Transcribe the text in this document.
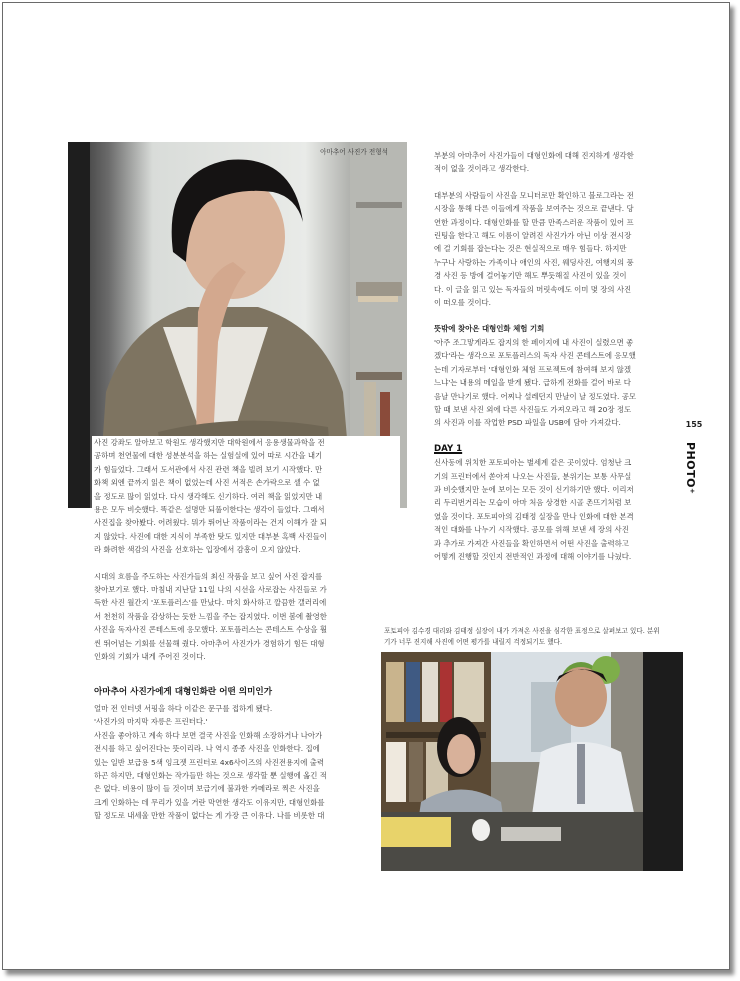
아마추어 사진가 전형석

사진 강좌도 알아보고 학원도 생각했지만 대학원에서 응용생물과학을 전
공하며 천연물에 대한 성분분석을 하는 실험실에 있어 따로 시간을 내기
가 힘들었다. 그래서 도서관에서 사진 관련 책을 빌려 보기 시작했다. 만
화책 외엔 끝까지 읽은 책이 없었는데 사진 서적은 손가락으로 셀 수 없
을 정도로 많이 읽었다. 다시 생각해도 신기하다. 여러 책을 읽었지만 내
용은 모두 비슷했다. 똑같은 설명만 되풀이한다는 생각이 들었다. 그래서
사진집을 찾아봤다. 어려웠다. 뭐가 뛰어난 작품이라는 건지 이해가 잘 되
지 않았다. 사진에 대한 지식이 부족한 탓도 있지만 대부분 흑백 사진들이
라 화려한 색감의 사진을 선호하는 입장에서 감흥이 오지 않았다.

시대의 흐름을 주도하는 사진가들의 최신 작품을 보고 싶어 사진 잡지를
찾아보기로 했다. 마침내 지난달 11일 나의 시선을 사로잡는 사진들로 가
득한 사진 월간지 '포토플러스'를 만났다. 마치 화사하고 깔끔한 갤러리에
서 천천히 작품을 감상하는 듯한 느낌을 주는 잡지였다. 이번 봄에 촬영한
사진을 독자사진 콘테스트에 응모했다. 포토플러스는 콘테스트 수상을 훨
씬 뛰어넘는 기회를 선물해 줬다. 아마추어 사진가가 경험하기 힘든 대형
인화의 기회가 내게 주어진 것이다.

아마추어 사진가에게 대형인화란 어떤 의미인가

얼마 전 인터넷 서핑을 하다 이같은 문구를 접하게 됐다.
'사진가의 마지막 자릉은 프린터다.'
사진을 좋아하고 계속 하다 보면 결국 사진을 인화해 소장하거나 나아가
전시를 하고 싶어진다는 뜻이리라. 나 역시 종종 사진을 인화한다. 집에
있는 일반 보급용 5색 잉크젯 프린터로 4x6사이즈의 사진전용지에 출력
하곤 하지만, 대형인화는 작가들만 하는 것으로 생각할 뿐 실행에 옮긴 적
은 없다. 비용이 많이 들 것이며 보급기에 불과한 카메라로 찍은 사진을
크게 인화하는 데 무리가 있을 거란 막연한 생각도 이유지만, 대형인화를
할 정도로 내세울 만한 작품이 없다는 게 가장 큰 이유다. 나를 비롯한 대

부분의 아마추어 사진가들이 대형인화에 대해 진지하게 생각한
적이 없을 것이라고 생각한다.

대부분의 사람들이 사진을 모니터로만 확인하고 블로그라는 전
시장을 통해 다른 이들에게 작품을 보여주는 것으로 끝낸다. 당
연한 과정이다. 대형인화를 할 만큼 만족스러운 작품이 있어 프
린팅을 한다고 해도 이름이 알려진 사진가가 아닌 이상 전시장
에 걸 기회를 잡는다는 것은 현실적으로 매우 힘들다. 하지만
누구나 사랑하는 가족이나 애인의 사진, 웨딩사진, 여행지의 풍
경 사진 등 방에 걸어놓기만 해도 뿌듯해질 사진이 있을 것이
다. 이 글을 읽고 있는 독자들의 머릿속에도 이미 몇 장의 사진
이 떠오를 것이다.

뜻밖에 찾아온 대형인화 체험 기회
'아주 조그맣게라도 잡지의 한 페이지에 내 사진이 실렸으면 좋
겠다'라는 생각으로 포토플러스의 독자 사진 콘테스트에 응모했
는데 기자로부터 '대형인화 체험 프로젝트에 참여해 보지 않겠
느냐'는 내용의 메일을 받게 됐다. 급하게 전화를 걸어 바로 다
음날 만나기로 했다. 어찌나 설레던지 만날이 날 정도였다. 공모
할 때 보낸 사진 외에 다른 사진들도 가져오라고 해 20장 정도
의 사진과 이를 작업한 PSD 파일을 USB에 담아 가져갔다.

DAY 1

신사동에 위치한 포토피아는 별세계 같은 곳이었다. 엄청난 크
기의 프린터에서 쏟아져 나오는 사진들, 분위기는 보통 사무실
과 비슷했지만 눈에 보이는 모든 것이 신기하기만 했다. 이리저
리 두리번거리는 모습이 아마 처음 상경한 시골 촌뜨기처럼 보
였을 것이다. 포토피아의 김태정 실장을 만나 인화에 대한 본격
적인 대화를 나누기 시작했다. 공모를 위해 보낸 세 장의 사진
과 추가로 가져간 사진들을 확인하면서 어떤 사진을 출력하고
어떻게 진행할 것인지 전반적인 과정에 대해 이야기를 나눴다.

155
PHOTO⁺
포토피아 김수경 대리와 김태정 실장이 내가 가져온 사진을 심각한 표정으로 살펴보고 있다. 분위
기가 너무 진지해 사진에 어떤 평가를 내릴지 걱정되기도 했다.
